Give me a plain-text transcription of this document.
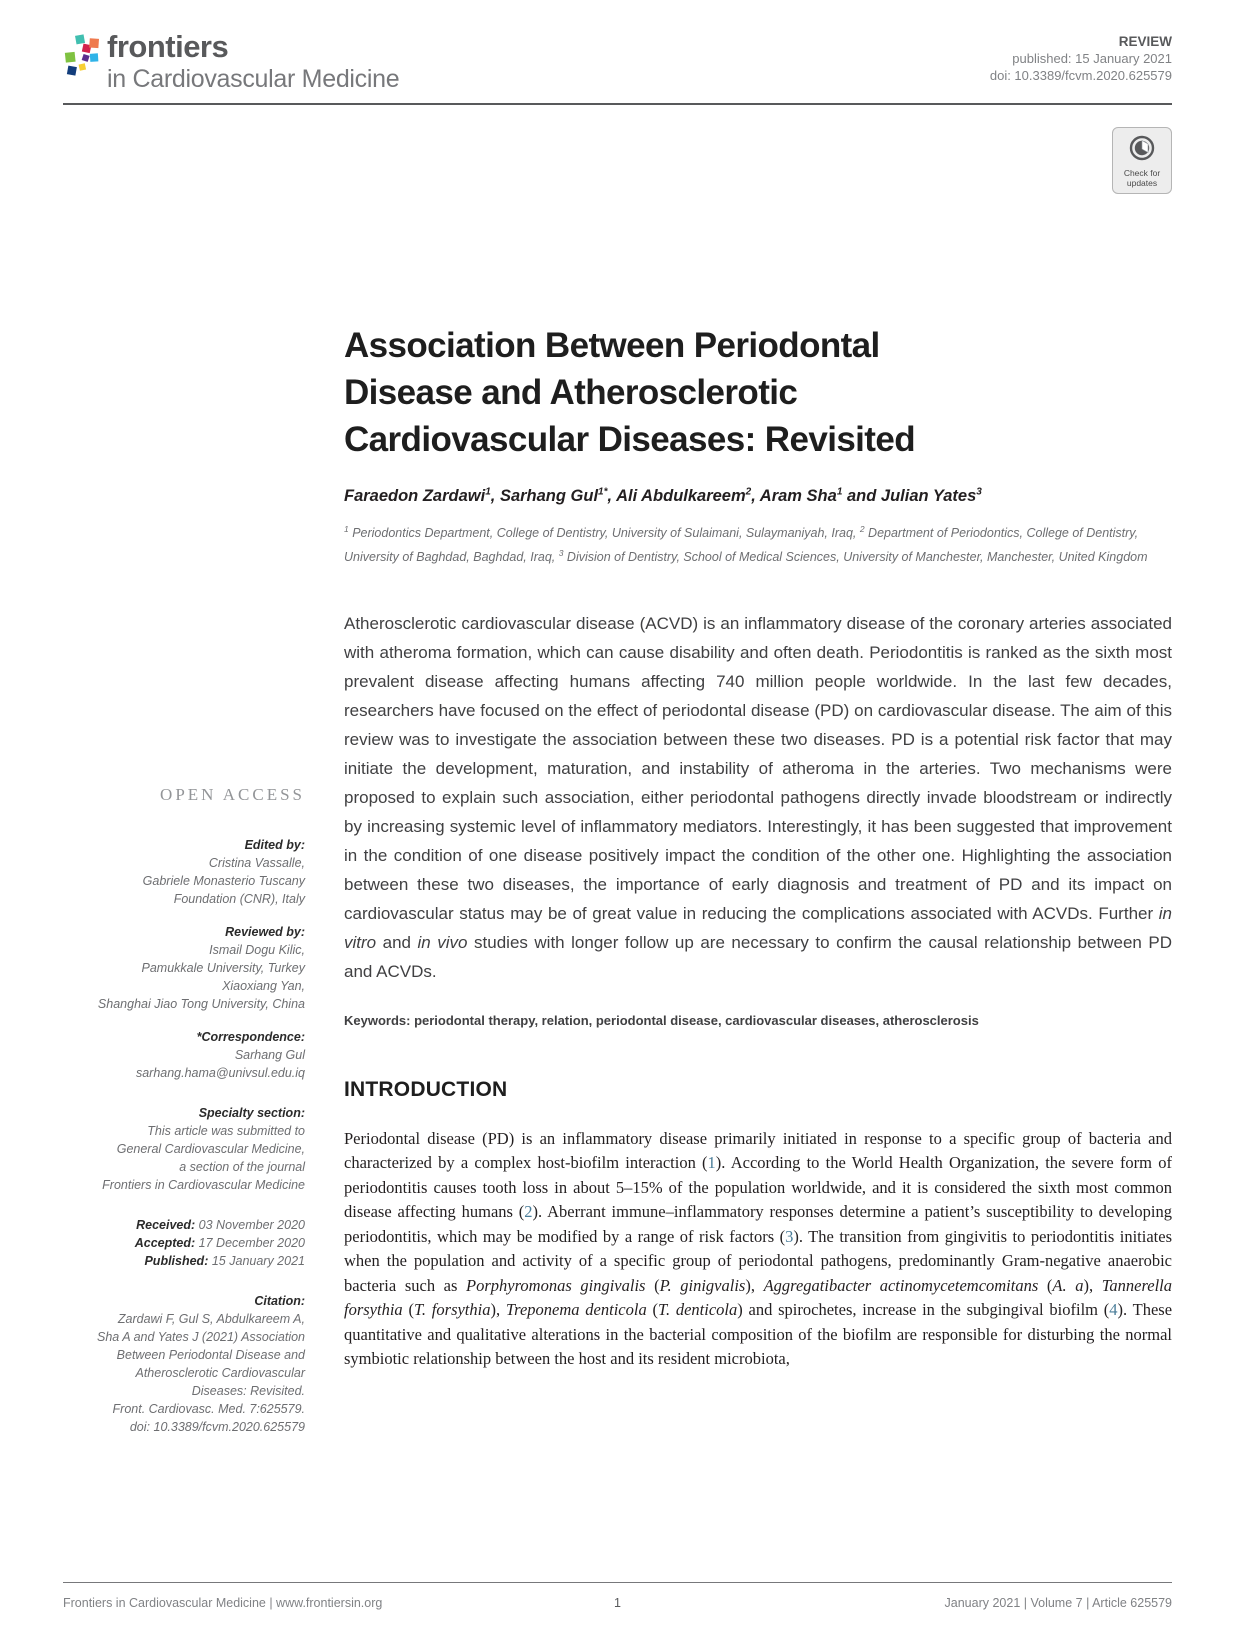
frontiers
in Cardiovascular Medicine
REVIEW
published: 15 January 2021
doi: 10.3389/fcvm.2020.625579
Check for
updates
OPEN ACCESS
Edited by:
Cristina Vassalle,
Gabriele Monasterio Tuscany
Foundation (CNR), Italy
Reviewed by:
Ismail Dogu Kilic,
Pamukkale University, Turkey
Xiaoxiang Yan,
Shanghai Jiao Tong University, China
*Correspondence:
Sarhang Gul
sarhang.hama@univsul.edu.iq
Specialty section:
This article was submitted to
General Cardiovascular Medicine,
a section of the journal
Frontiers in Cardiovascular Medicine
Received: 03 November 2020
Accepted: 17 December 2020
Published: 15 January 2021
Citation:
Zardawi F, Gul S, Abdulkareem A,
Sha A and Yates J (2021) Association
Between Periodontal Disease and
Atherosclerotic Cardiovascular
Diseases: Revisited.
Front. Cardiovasc. Med. 7:625579.
doi: 10.3389/fcvm.2020.625579
Association Between Periodontal
Disease and Atherosclerotic
Cardiovascular Diseases: Revisited
Faraedon Zardawi$^1$, Sarhang Gul$^{1*}$, Ali Abdulkareem$^2$, Aram Sha$^1$ and Julian Yates$^3$
$^1$ Periodontics Department, College of Dentistry, University of Sulaimani, Sulaymaniyah, Iraq, $^2$ Department of Periodontics, College of Dentistry, University of Baghdad, Baghdad, Iraq, $^3$ Division of Dentistry, School of Medical Sciences, University of Manchester, Manchester, United Kingdom

Atherosclerotic cardiovascular disease (ACVD) is an inflammatory disease of the coronary arteries associated with atheroma formation, which can cause disability and often death. Periodontitis is ranked as the sixth most prevalent disease affecting humans affecting 740 million people worldwide. In the last few decades, researchers have focused on the effect of periodontal disease (PD) on cardiovascular disease. The aim of this review was to investigate the association between these two diseases. PD is a potential risk factor that may initiate the development, maturation, and instability of atheroma in the arteries. Two mechanisms were proposed to explain such association, either periodontal pathogens directly invade bloodstream or indirectly by increasing systemic level of inflammatory mediators. Interestingly, it has been suggested that improvement in the condition of one disease positively impact the condition of the other one. Highlighting the association between these two diseases, the importance of early diagnosis and treatment of PD and its impact on cardiovascular status may be of great value in reducing the complications associated with ACVDs. Further in vitro and in vivo studies with longer follow up are necessary to confirm the causal relationship between PD and ACVDs.

Keywords: periodontal therapy, relation, periodontal disease, cardiovascular diseases, atherosclerosis

INTRODUCTION

Periodontal disease (PD) is an inflammatory disease primarily initiated in response to a specific group of bacteria and characterized by a complex host-biofilm interaction (1). According to the World Health Organization, the severe form of periodontitis causes tooth loss in about 5–15% of the population worldwide, and it is considered the sixth most common disease affecting humans (2). Aberrant immune–inflammatory responses determine a patient’s susceptibility to developing periodontitis, which may be modified by a range of risk factors (3). The transition from gingivitis to periodontitis initiates when the population and activity of a specific group of periodontal pathogens, predominantly Gram-negative anaerobic bacteria such as Porphyromonas gingivalis (P. ginigvalis), Aggregatibacter actinomycetemcomitans (A. a), Tannerella forsythia (T. forsythia), Treponema denticola (T. denticola) and spirochetes, increase in the subgingival biofilm (4). These quantitative and qualitative alterations in the bacterial composition of the biofilm are responsible for disturbing the normal symbiotic relationship between the host and its resident microbiota,

Frontiers in Cardiovascular Medicine | www.frontiersin.org	1	January 2021 | Volume 7 | Article 625579
